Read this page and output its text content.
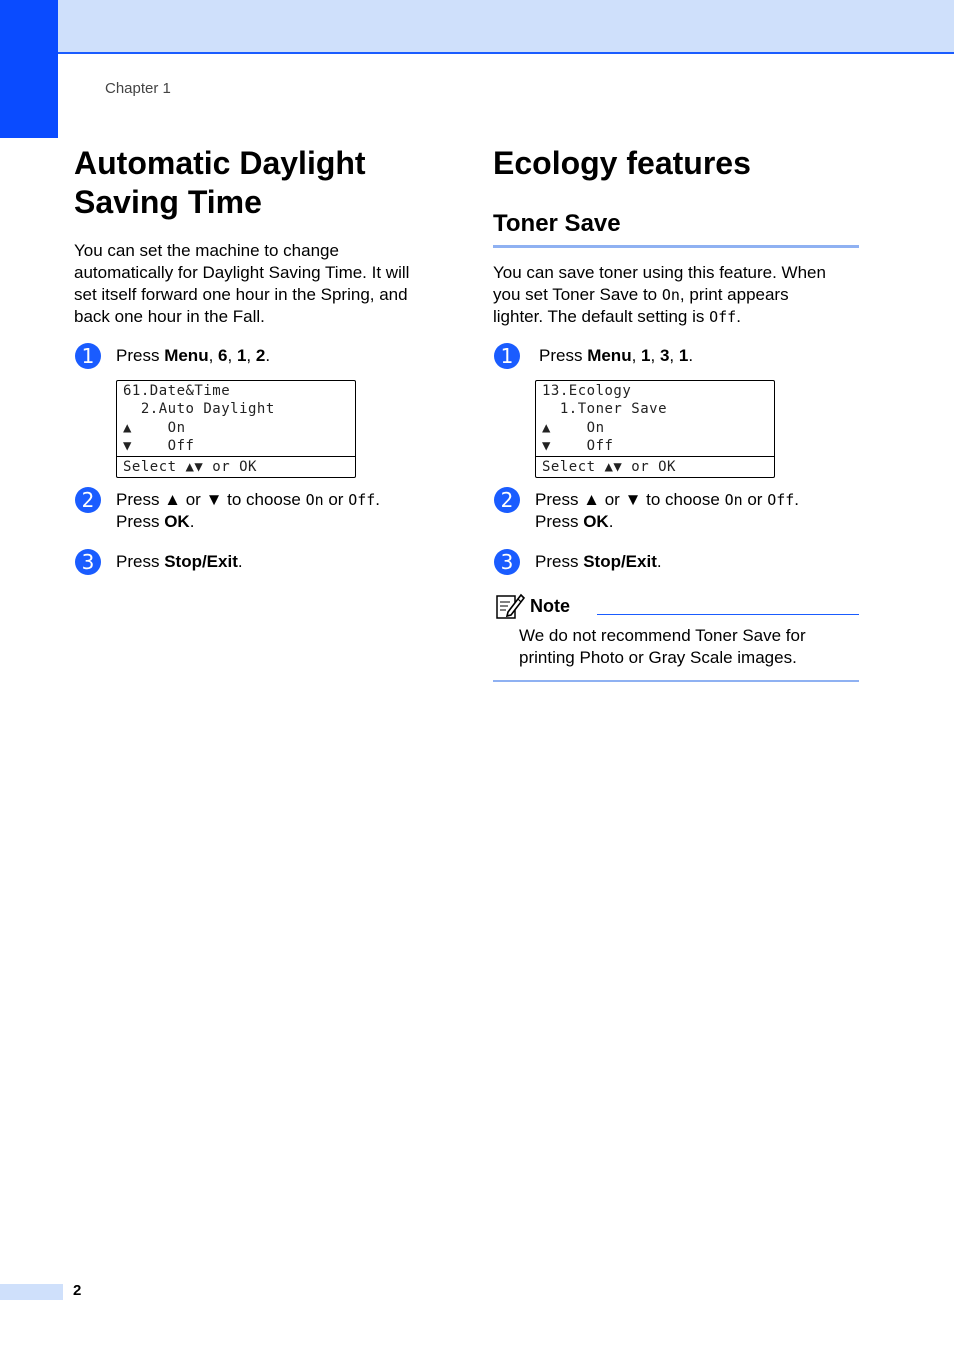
Chapter 1
Automatic Daylight
Saving Time
You can set the machine to change
automatically for Daylight Saving Time. It will
set itself forward one hour in the Spring, and
back one hour in the Fall.
1	Press Menu, 6, 1, 2.
61.Date&Time
2.Auto Daylight
▲    On
▼    Off
Select ▲▼ or OK
2	Press ▲ or ▼ to choose On or Off.
Press OK.
3	Press Stop/Exit.
Ecology features
Toner Save
You can save toner using this feature. When
you set Toner Save to On, print appears
lighter. The default setting is Off.
1	Press Menu, 1, 3, 1.
13.Ecology
1.Toner Save
▲    On
▼    Off
Select ▲▼ or OK
2	Press ▲ or ▼ to choose On or Off.
Press OK.
3	Press Stop/Exit.
Note
We do not recommend Toner Save for
printing Photo or Gray Scale images.
2
